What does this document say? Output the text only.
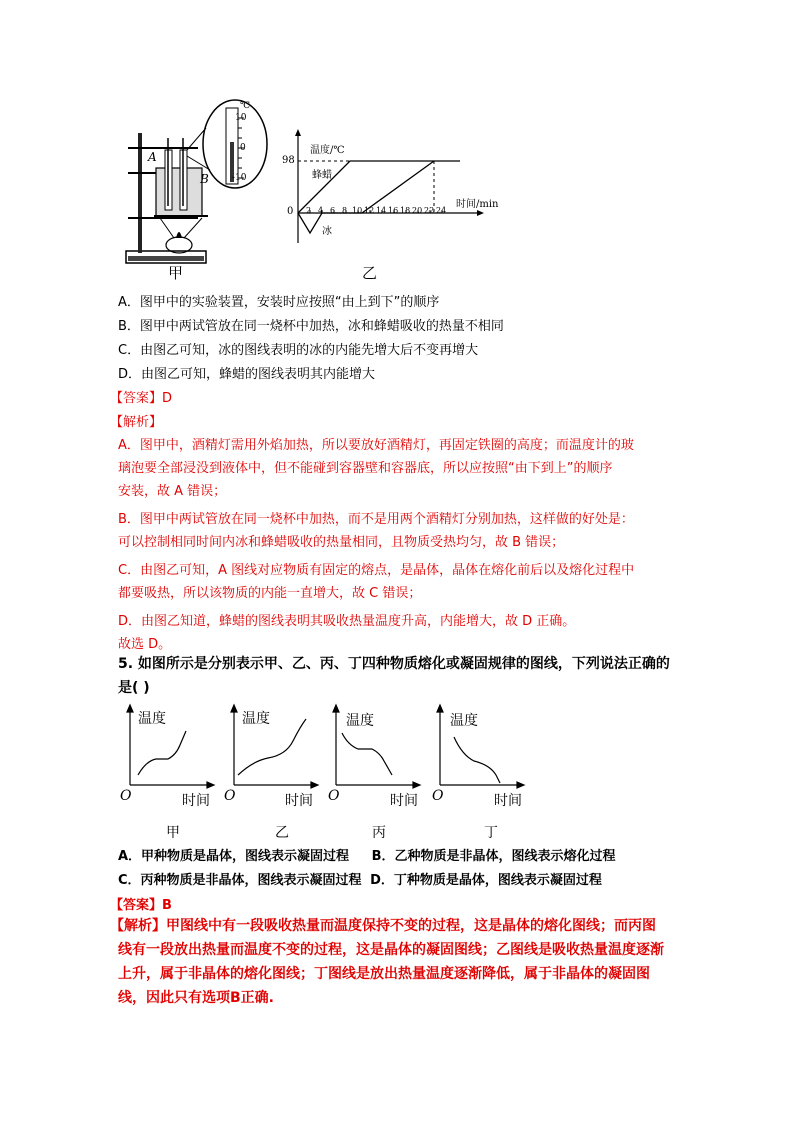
℃
10
0
-10
A
B
甲
温度/℃
98
蜂蜡
时间/min
0 2 4 6 8 10 12 14 16 18 20 22 24
冰
乙
A．图甲中的实验装置，安装时应按照“由上到下”的顺序
B．图甲中两试管放在同一烧杯中加热，冰和蜂蜡吸收的热量不相同
C．由图乙可知，冰的图线表明的冰的内能先增大后不变再增大
D．由图乙可知，蜂蜡的图线表明其内能增大
【答案】D
【解析】

A．图甲中，酒精灯需用外焰加热，所以要放好酒精灯，再固定铁圈的高度；而温度计的玻

璃泡要全部浸没到液体中，但不能碰到容器壁和容器底，所以应按照“由下到上”的顺序

安装，故 A 错误；

B．图甲中两试管放在同一烧杯中加热，而不是用两个酒精灯分别加热，这样做的好处是：

可以控制相同时间内冰和蜂蜡吸收的热量相同，且物质受热均匀，故 B 错误；

C．由图乙可知，A 图线对应物质有固定的熔点，是晶体，晶体在熔化前后以及熔化过程中

都要吸热，所以该物质的内能一直增大，故 C 错误；

D．由图乙知道，蜂蜡的图线表明其吸收热量温度升高，内能增大，故 D 正确。

故选 D。

5. 如图所示是分别表示甲、乙、丙、丁四种物质熔化或凝固规律的图线，下列说法正确的
是( )
温度
O	时间
甲
温度
O	时间
乙
温度
O	时间
丙
温度
O	时间
丁
A．甲种物质是晶体，图线表示凝固过程 B．乙种物质是非晶体，图线表示熔化过程
C．丙种物质是非晶体，图线表示凝固过程 D．丁种物质是晶体，图线表示凝固过程
【答案】B

【解析】甲图线中有一段吸收热量而温度保持不变的过程，这是晶体的熔化图线；而丙图

线有一段放出热量而温度不变的过程，这是晶体的凝固图线；乙图线是吸收热量温度逐渐

上升，属于非晶体的熔化图线；丁图线是放出热量温度逐渐降低，属于非晶体的凝固图

线，因此只有选项B正确.
